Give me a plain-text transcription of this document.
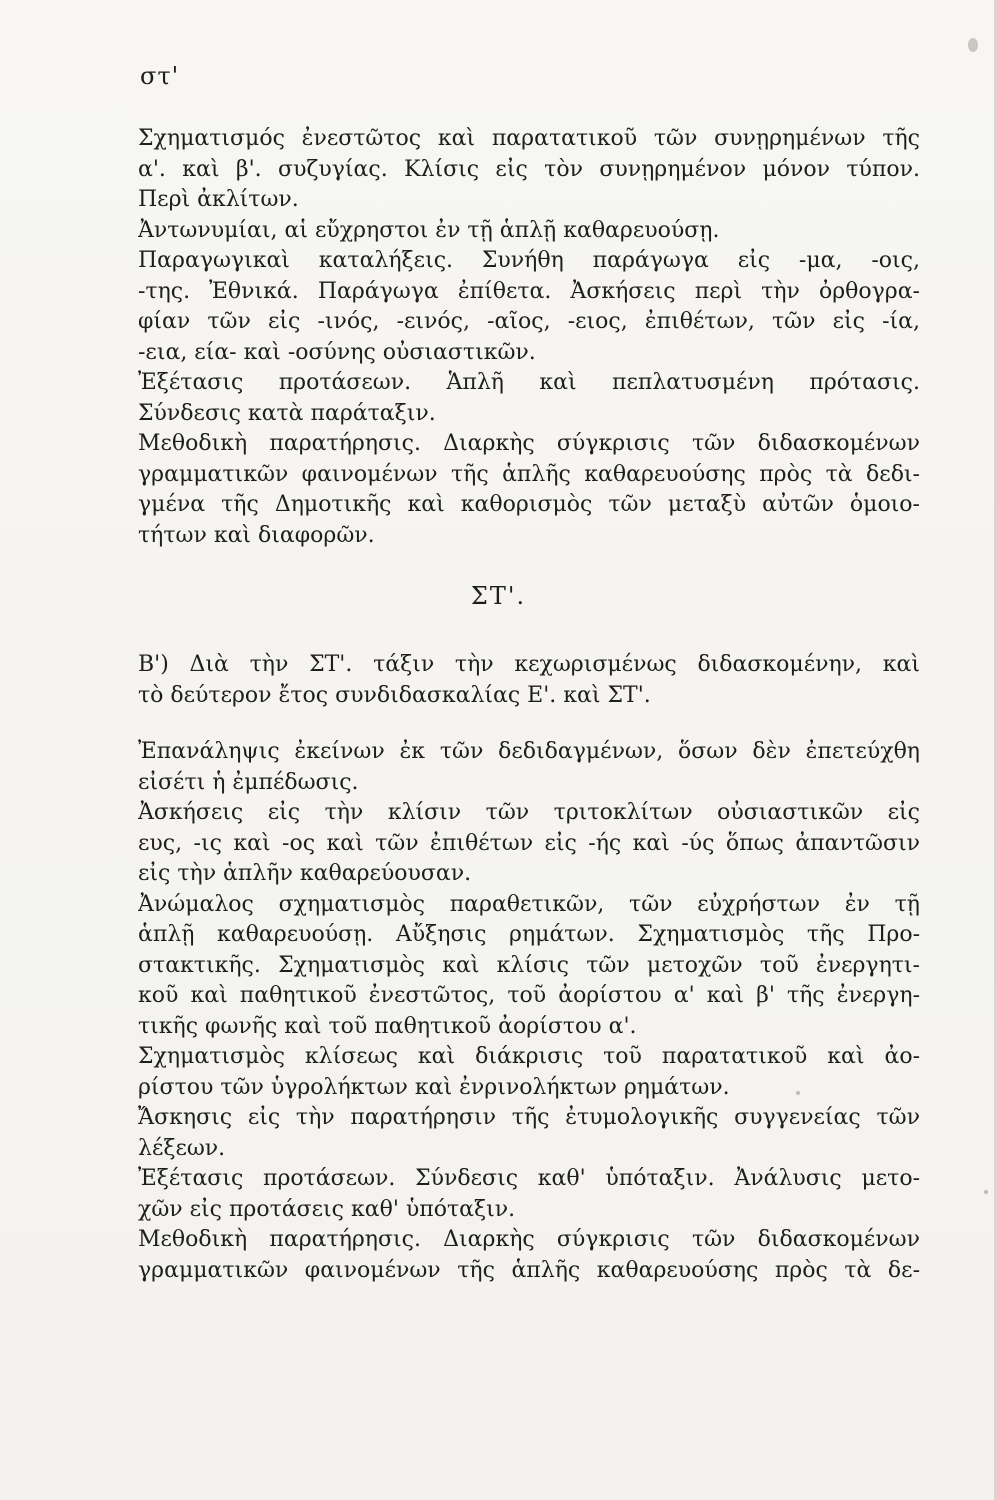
στ'
Σχηματισμός ἐνεστῶτος καὶ παρατατικοῦ τῶν συνῃρημένων τῆς
α'. καὶ β'. συζυγίας. Κλίσις εἰς τὸν συνῃρημένον μόνον τύπον.
Περὶ ἀκλίτων.
Ἀντωνυμίαι, αἱ εὔχρηστοι ἐν τῇ ἁπλῇ καθαρευούσῃ.
Παραγωγικαὶ καταλήξεις. Συνήθη παράγωγα εἰς -μα, -οις,
-της. Ἐθνικά. Παράγωγα ἐπίθετα. Ἀσκήσεις περὶ τὴν ὀρθογρα-
φίαν τῶν εἰς -ινός, -εινός, -αῖος, -ειος, ἐπιθέτων, τῶν εἰς -ία,
-εια, εία- καὶ -οσύνης οὐσιαστικῶν.
Ἐξέτασις προτάσεων. Ἁπλῆ καὶ πεπλατυσμένη πρότασις.
Σύνδεσις κατὰ παράταξιν.
Μεθοδικὴ παρατήρησις. Διαρκὴς σύγκρισις τῶν διδασκομένων
γραμματικῶν φαινομένων τῆς ἁπλῆς καθαρευούσης πρὸς τὰ δεδι-
γμένα τῆς Δημοτικῆς καὶ καθορισμὸς τῶν μεταξὺ αὐτῶν ὁμοιο-
τήτων καὶ διαφορῶν.
ΣΤ'.
Β') Διὰ τὴν ΣΤ'. τάξιν τὴν κεχωρισμένως διδασκομένην, καὶ
τὸ δεύτερον ἔτος συνδιδασκαλίας Ε'. καὶ ΣΤ'.
Ἐπανάληψις ἐκείνων ἐκ τῶν δεδιδαγμένων, ὅσων δὲν ἐπετεύχθη
εἰσέτι ἡ ἐμπέδωσις.
Ἀσκήσεις εἰς τὴν κλίσιν τῶν τριτοκλίτων οὐσιαστικῶν εἰς
ευς, -ις καὶ -ος καὶ τῶν ἐπιθέτων εἰς -ής καὶ -ύς ὅπως ἀπαντῶσιν
εἰς τὴν ἁπλῆν καθαρεύουσαν.
Ἀνώμαλος σχηματισμὸς παραθετικῶν, τῶν εὐχρήστων ἐν τῇ
ἁπλῇ καθαρευούσῃ. Αὔξησις ρημάτων. Σχηματισμὸς τῆς Προ-
στακτικῆς. Σχηματισμὸς καὶ κλίσις τῶν μετοχῶν τοῦ ἐνεργητι-
κοῦ καὶ παθητικοῦ ἐνεστῶτος, τοῦ ἀορίστου α' καὶ β' τῆς ἐνεργη-
τικῆς φωνῆς καὶ τοῦ παθητικοῦ ἀορίστου α'.
Σχηματισμὸς κλίσεως καὶ διάκρισις τοῦ παρατατικοῦ καὶ ἀο-
ρίστου τῶν ὑγρολήκτων καὶ ἐνρινολήκτων ρημάτων.
Ἄσκησις εἰς τὴν παρατήρησιν τῆς ἐτυμολογικῆς συγγενείας τῶν
λέξεων.
Ἐξέτασις προτάσεων. Σύνδεσις καθ' ὑπόταξιν. Ἀνάλυσις μετο-
χῶν εἰς προτάσεις καθ' ὑπόταξιν.
Μεθοδικὴ παρατήρησις. Διαρκὴς σύγκρισις τῶν διδασκομένων
γραμματικῶν φαινομένων τῆς ἁπλῆς καθαρευούσης πρὸς τὰ δε-
